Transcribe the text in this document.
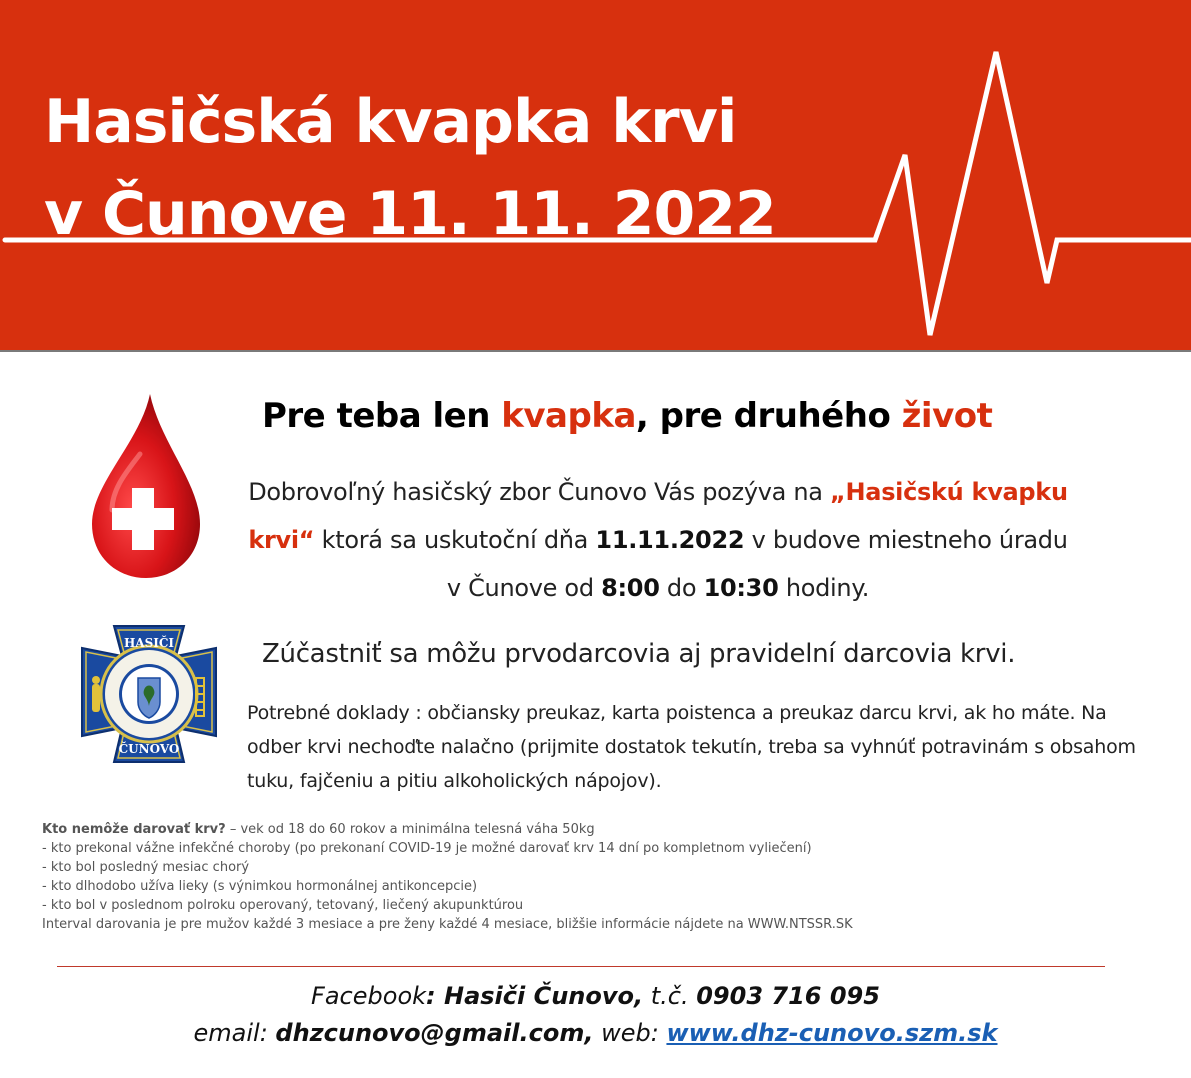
Hasičská kvapka krvi
v Čunove 11. 11. 2022
HASIČI
ČUNOVO
Pre teba len kvapka, pre druhého život

Dobrovoľný hasičský zbor Čunovo Vás pozýva na „Hasičskú kvapku krvi“ ktorá sa uskutoční dňa 11.11.2022 v budove miestneho úradu v Čunove od 8:00 do 10:30 hodiny.

Zúčastniť sa môžu prvodarcovia aj pravidelní darcovia krvi.

Potrebné doklady : občiansky preukaz, karta poistenca a preukaz darcu krvi, ak ho máte. Na odber krvi nechoďte nalačno (prijmite dostatok tekutín, treba sa vyhnúť potravinám s obsahom tuku, fajčeniu a pitiu alkoholických nápojov).

Kto nemôže darovať krv? – vek od 18 do 60 rokov a minimálna telesná váha 50kg
- kto prekonal vážne infekčné choroby (po prekonaní COVID-19 je možné darovať krv 14 dní po kompletnom vyliečení)
- kto bol posledný mesiac chorý
- kto dlhodobo užíva lieky (s výnimkou hormonálnej antikoncepcie)
- kto bol v poslednom polroku operovaný, tetovaný, liečený akupunktúrou
Interval darovania je pre mužov každé 3 mesiace a pre ženy každé 4 mesiace, bližšie informácie nájdete na WWW.NTSSR.SK
Facebook: Hasiči Čunovo, t.č. 0903 716 095
email: dhzcunovo@gmail.com, web: www.dhz-cunovo.szm.sk
